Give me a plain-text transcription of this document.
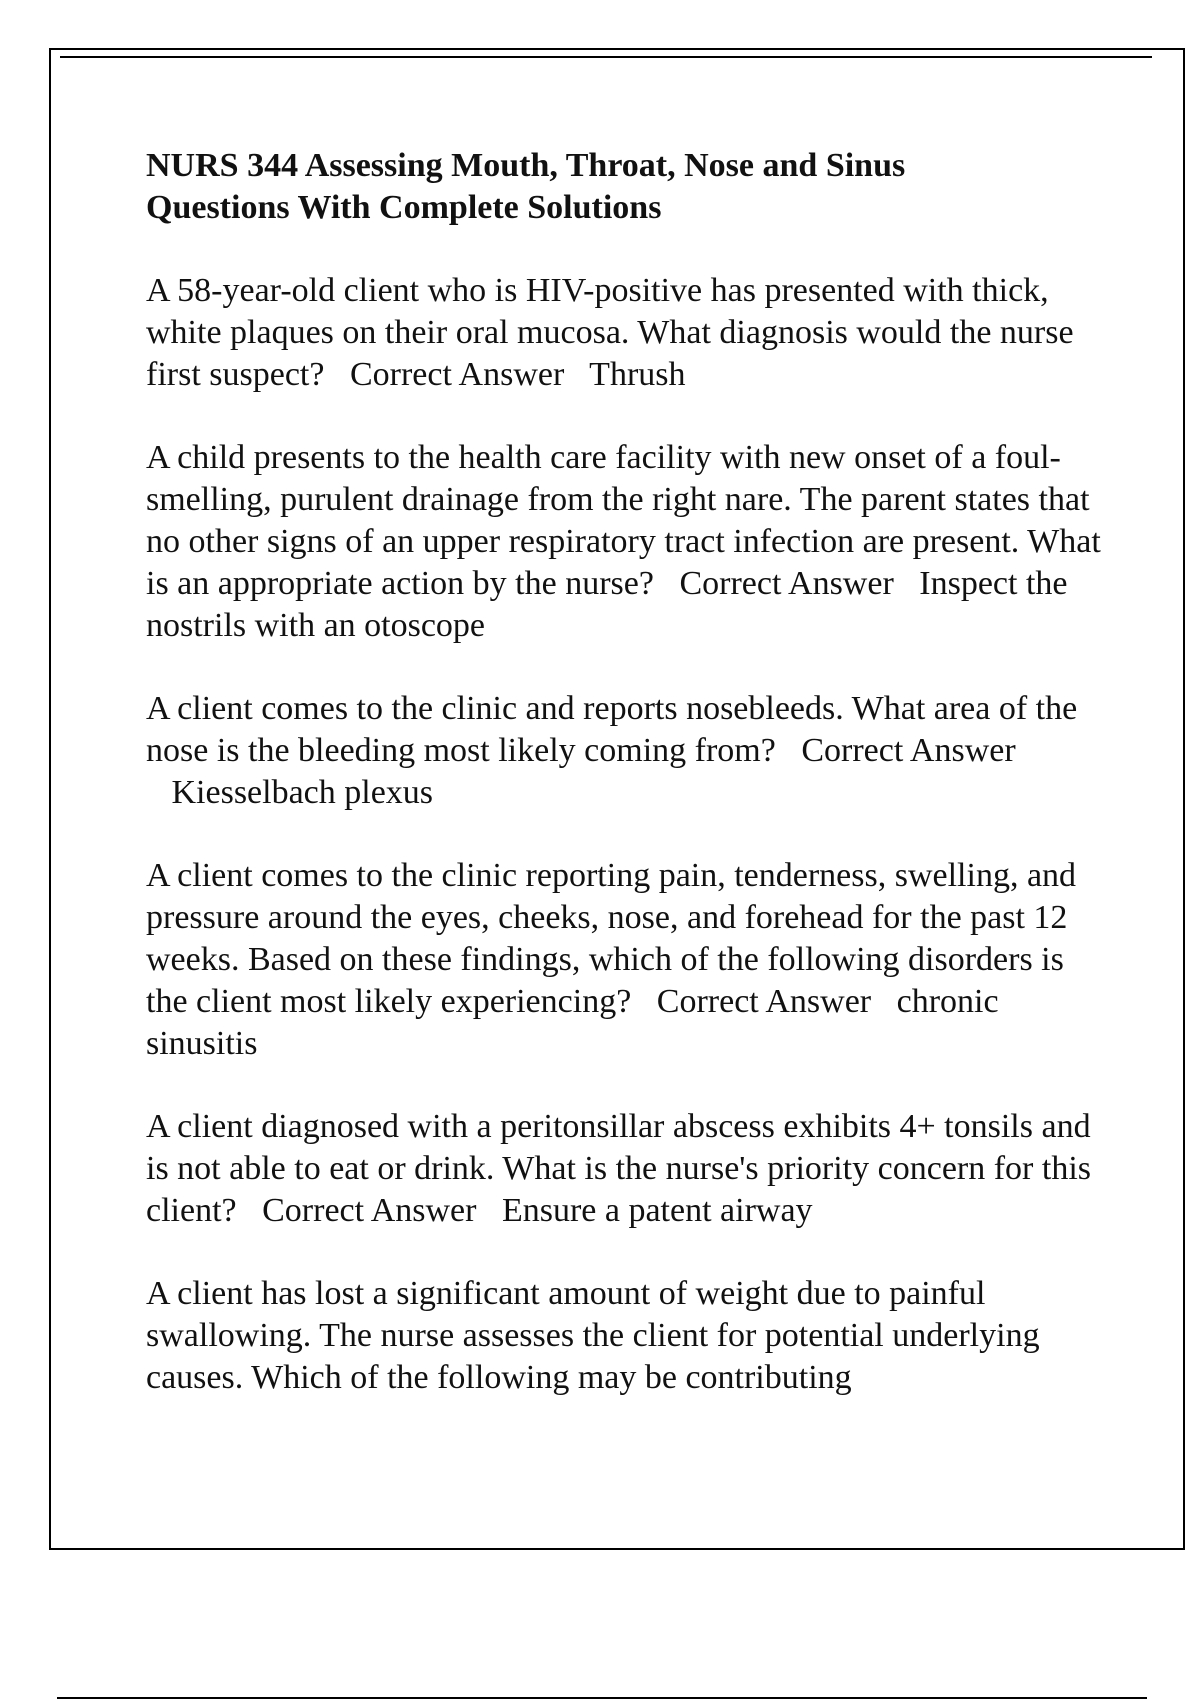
NURS 344 Assessing Mouth, Throat, Nose and Sinus
Questions With Complete Solutions
A 58-year-old client who is HIV-positive has presented with thick, white plaques on their oral mucosa. What diagnosis would the nurse first suspect? Correct Answer Thrush
A child presents to the health care facility with new onset of a foul-smelling, purulent drainage from the right nare. The parent states that no other signs of an upper respiratory tract infection are present. What is an appropriate action by the nurse? Correct Answer Inspect the nostrils with an otoscope
A client comes to the clinic and reports nosebleeds. What area of the nose is the bleeding most likely coming from? Correct Answer   Kiesselbach plexus
A client comes to the clinic reporting pain, tenderness, swelling, and pressure around the eyes, cheeks, nose, and forehead for the past 12 weeks. Based on these findings, which of the following disorders is the client most likely experiencing? Correct Answer chronic sinusitis
A client diagnosed with a peritonsillar abscess exhibits 4+ tonsils and is not able to eat or drink. What is the nurse's priority concern for this client? Correct Answer Ensure a patent airway
A client has lost a significant amount of weight due to painful swallowing. The nurse assesses the client for potential underlying causes. Which of the following may be contributing
